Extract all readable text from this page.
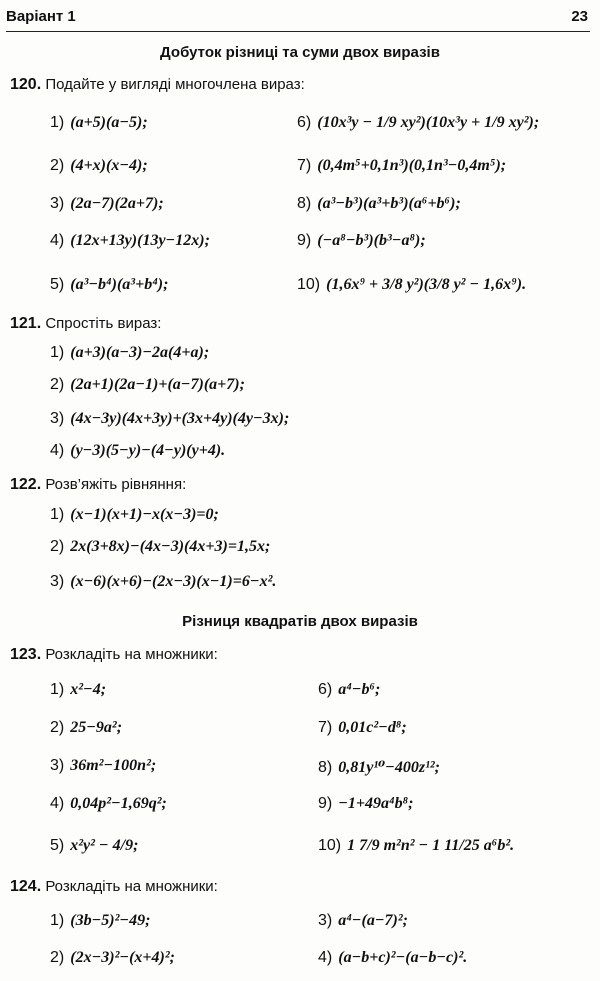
Варіант 1	23
Добуток різниці та суми двох виразів
120. Подайте у вигляді многочлена вираз:
1) (a+5)(a−5);
2) (4+x)(x−4);
3) (2a−7)(2a+7);
4) (12x+13y)(13y−12x);
5) (a³−b⁴)(a³+b⁴);
6) (10x³y − 1/9 xy²)(10x³y + 1/9 xy²);
7) (0,4m⁵+0,1n³)(0,1n³−0,4m⁵);
8) (a³−b³)(a³+b³)(a⁶+b⁶);
9) (−a⁸−b³)(b³−a⁸);
10) (1,6x⁹ + 3/8 y²)(3/8 y² − 1,6x⁹).
121. Спростіть вираз:
1) (a+3)(a−3)−2a(4+a);
2) (2a+1)(2a−1)+(a−7)(a+7);
3) (4x−3y)(4x+3y)+(3x+4y)(4y−3x);
4) (y−3)(5−y)−(4−y)(y+4).
122. Розв’яжіть рівняння:
1) (x−1)(x+1)−x(x−3)=0;
2) 2x(3+8x)−(4x−3)(4x+3)=1,5x;
3) (x−6)(x+6)−(2x−3)(x−1)=6−x².
Різниця квадратів двох виразів
123. Розкладіть на множники:
1) x²−4;
2) 25−9a²;
3) 36m²−100n²;
4) 0,04p²−1,69q²;
5) x²y² − 4/9;
6) a⁴−b⁶;
7) 0,01c²−d⁸;
8) 0,81y¹⁰−400z¹²;
9) −1+49a⁴b⁸;
10) 1 7/9 m²n² − 1 11/25 a⁶b².
124. Розкладіть на множники:
1) (3b−5)²−49;
2) (2x−3)²−(x+4)²;
3) a⁴−(a−7)²;
4) (a−b+c)²−(a−b−c)².
